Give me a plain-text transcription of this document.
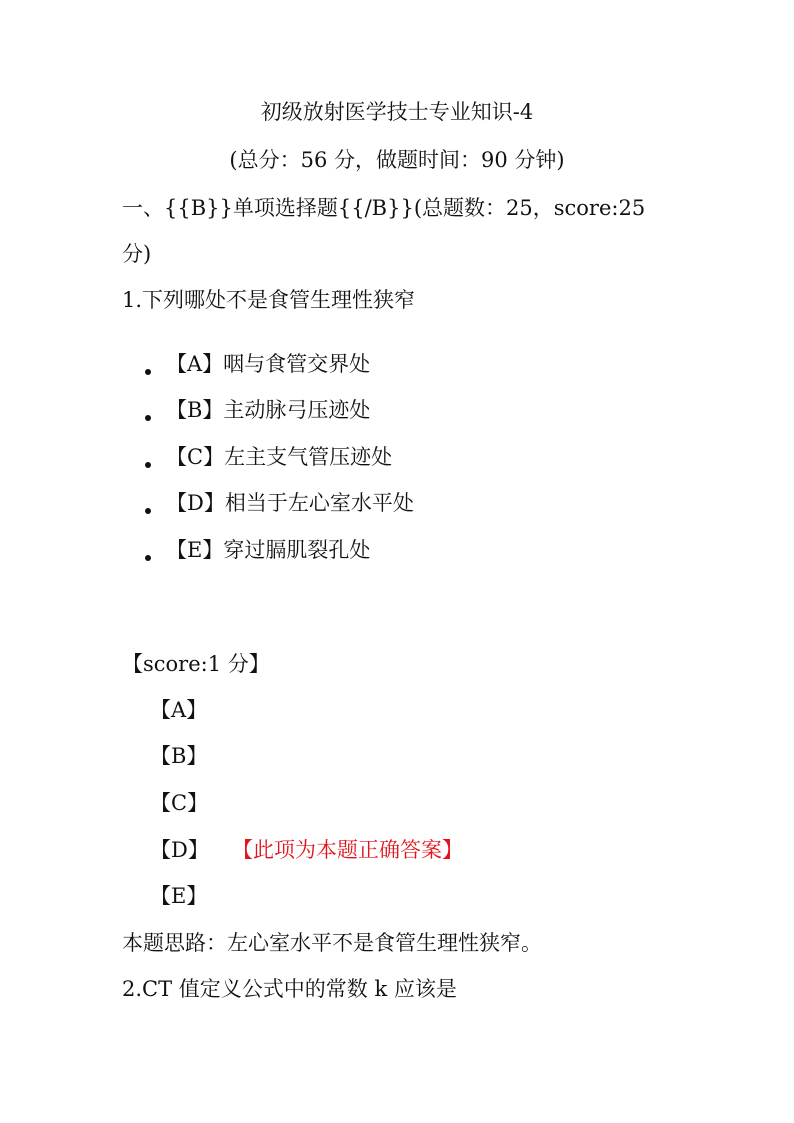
初级放射医学技士专业知识-4
(总分：56 分，做题时间：90 分钟)
一、{{B}}单项选择题{{/B}}(总题数：25，score:25
分)
1.下列哪处不是食管生理性狭窄
【A】咽与食管交界处
【B】主动脉弓压迹处
【C】左主支气管压迹处
【D】相当于左心室水平处
【E】穿过膈肌裂孔处
【score:1 分】
【A】
【B】
【C】
【D】 【此项为本题正确答案】
【E】
本题思路：左心室水平不是食管生理性狭窄。
2.CT 值定义公式中的常数 k 应该是
